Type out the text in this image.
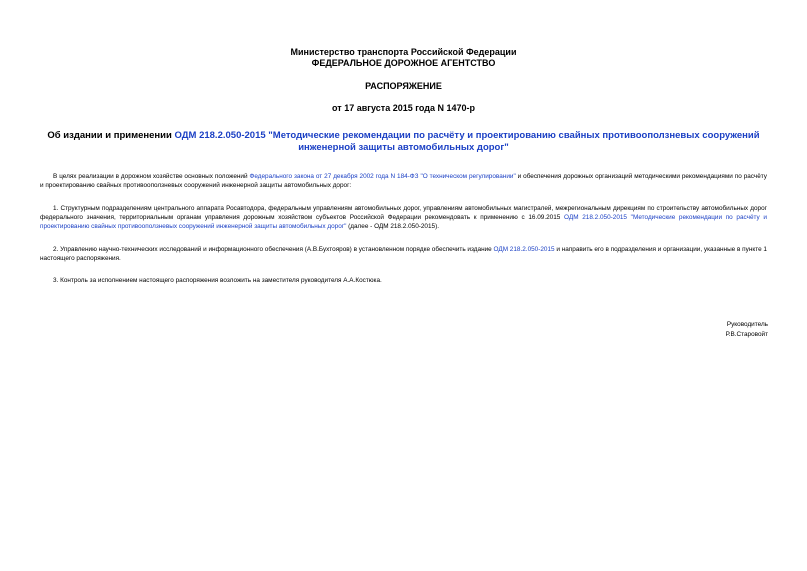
Министерство транспорта Российской Федерации
ФЕДЕРАЛЬНОЕ ДОРОЖНОЕ АГЕНТСТВО
РАСПОРЯЖЕНИЕ
от 17 августа 2015 года N 1470-р
Об издании и применении ОДМ 218.2.050-2015 "Методические рекомендации по расчёту и проектированию свайных противооползневых сооружений инженерной защиты автомобильных дорог"
В целях реализации в дорожном хозяйстве основных положений Федерального закона от 27 декабря 2002 года N 184-ФЗ "О техническом регулировании" и обеспечения дорожных организаций методическими рекомендациями по расчёту и проектированию свайных противооползневых сооружений инженерной защиты автомобильных дорог:
1. Структурным подразделениям центрального аппарата Росавтодора, федеральным управлениям автомобильных дорог, управлениям автомобильных магистралей, межрегиональным дирекциям по строительству автомобильных дорог федерального значения, территориальным органам управления дорожным хозяйством субъектов Российской Федерации рекомендовать к применению с 16.09.2015 ОДМ 218.2.050-2015 "Методические рекомендации по расчёту и проектированию свайных противооползневых сооружений инженерной защиты автомобильных дорог" (далее - ОДМ 218.2.050-2015).
2. Управлению научно-технических исследований и информационного обеспечения (А.В.Бухтояров) в установленном порядке обеспечить издание ОДМ 218.2.050-2015 и направить его в подразделения и организации, указанные в пункте 1 настоящего распоряжения.
3. Контроль за исполнением настоящего распоряжения возложить на заместителя руководителя А.А.Костюка.
Руководитель
Р.В.Старовойт
